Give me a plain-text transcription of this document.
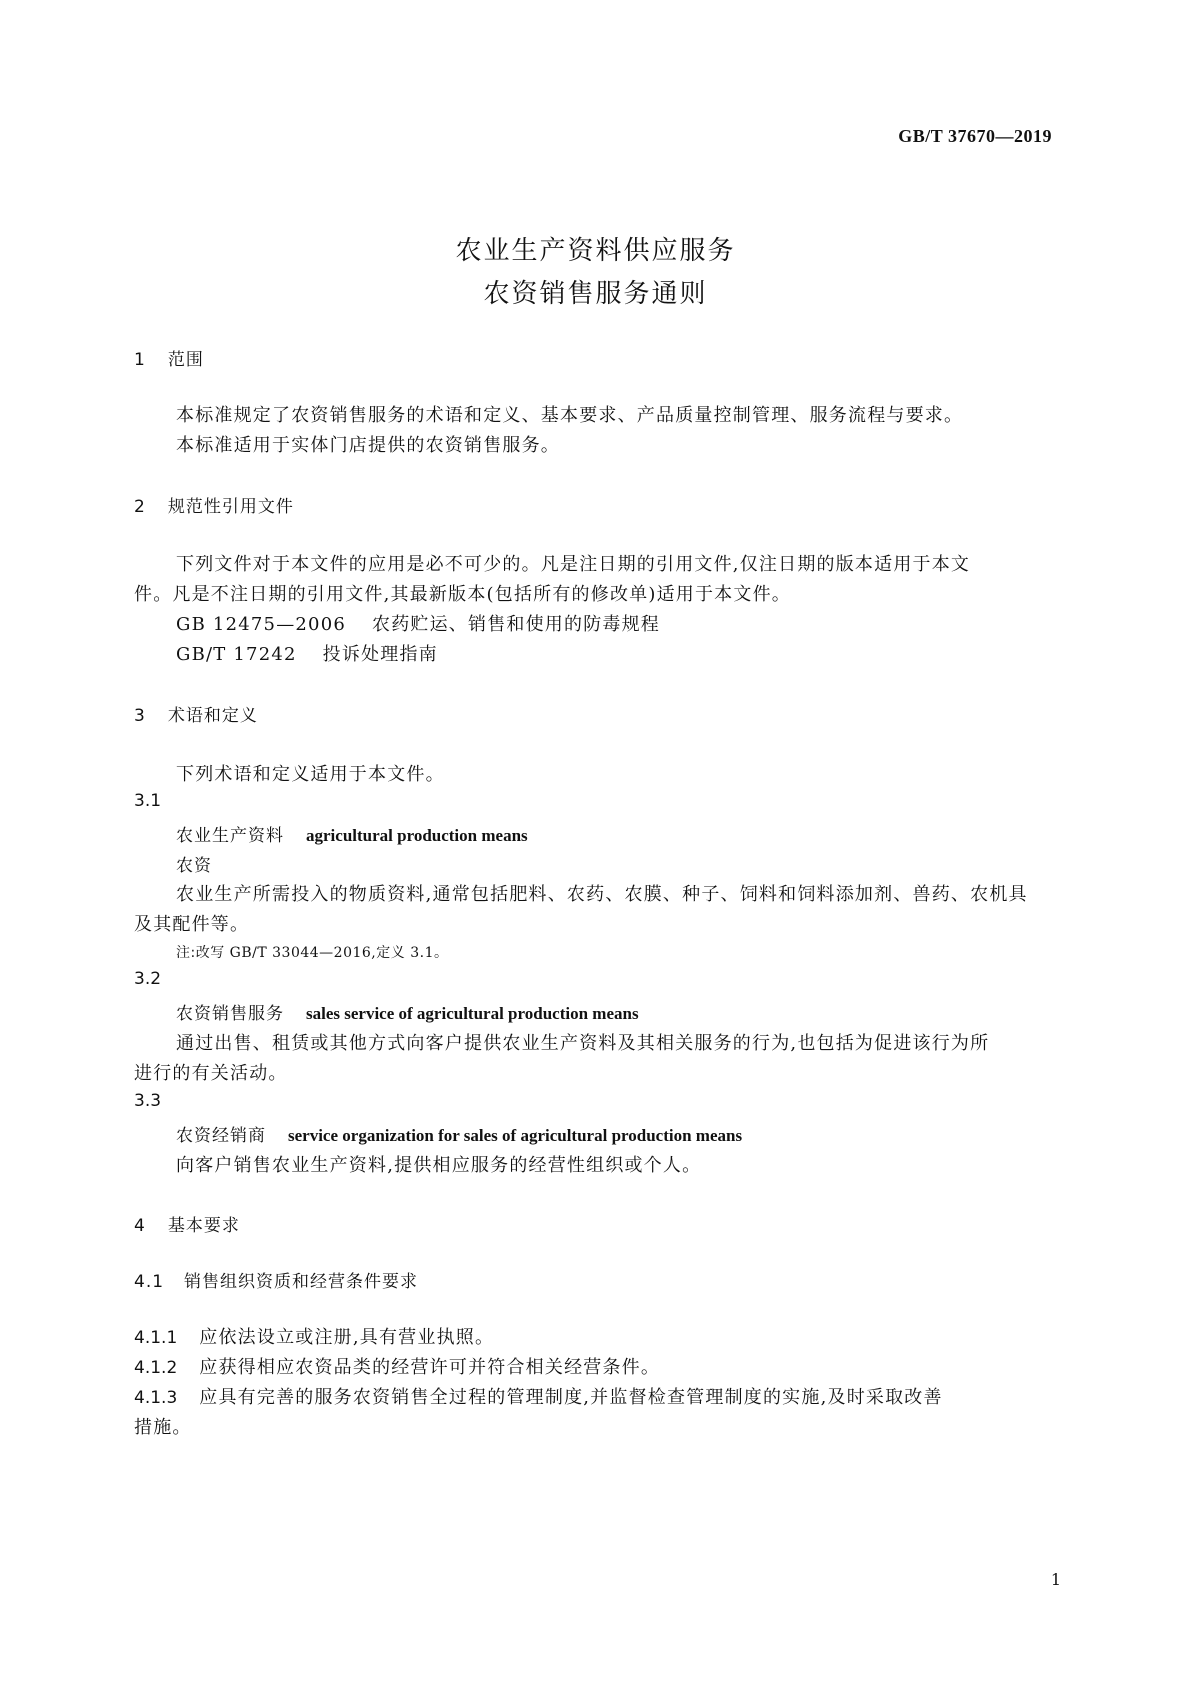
GB/T 37670—2019
农业生产资料供应服务
农资销售服务通则
1 范围
本标准规定了农资销售服务的术语和定义、基本要求、产品质量控制管理、服务流程与要求。
本标准适用于实体门店提供的农资销售服务。
2 规范性引用文件
下列文件对于本文件的应用是必不可少的。凡是注日期的引用文件,仅注日期的版本适用于本文
件。凡是不注日期的引用文件,其最新版本(包括所有的修改单)适用于本文件。
GB 12475—2006 农药贮运、销售和使用的防毒规程
GB/T 17242 投诉处理指南
3 术语和定义
下列术语和定义适用于本文件。
3.1
农业生产资料 agricultural production means
农资
农业生产所需投入的物质资料,通常包括肥料、农药、农膜、种子、饲料和饲料添加剂、兽药、农机具
及其配件等。
注:改写 GB/T 33044—2016,定义 3.1。
3.2
农资销售服务 sales service of agricultural production means
通过出售、租赁或其他方式向客户提供农业生产资料及其相关服务的行为,也包括为促进该行为所
进行的有关活动。
3.3
农资经销商 service organization for sales of agricultural production means
向客户销售农业生产资料,提供相应服务的经营性组织或个人。
4 基本要求
4.1 销售组织资质和经营条件要求
4.1.1 应依法设立或注册,具有营业执照。
4.1.2 应获得相应农资品类的经营许可并符合相关经营条件。
4.1.3 应具有完善的服务农资销售全过程的管理制度,并监督检查管理制度的实施,及时采取改善
措施。
1
